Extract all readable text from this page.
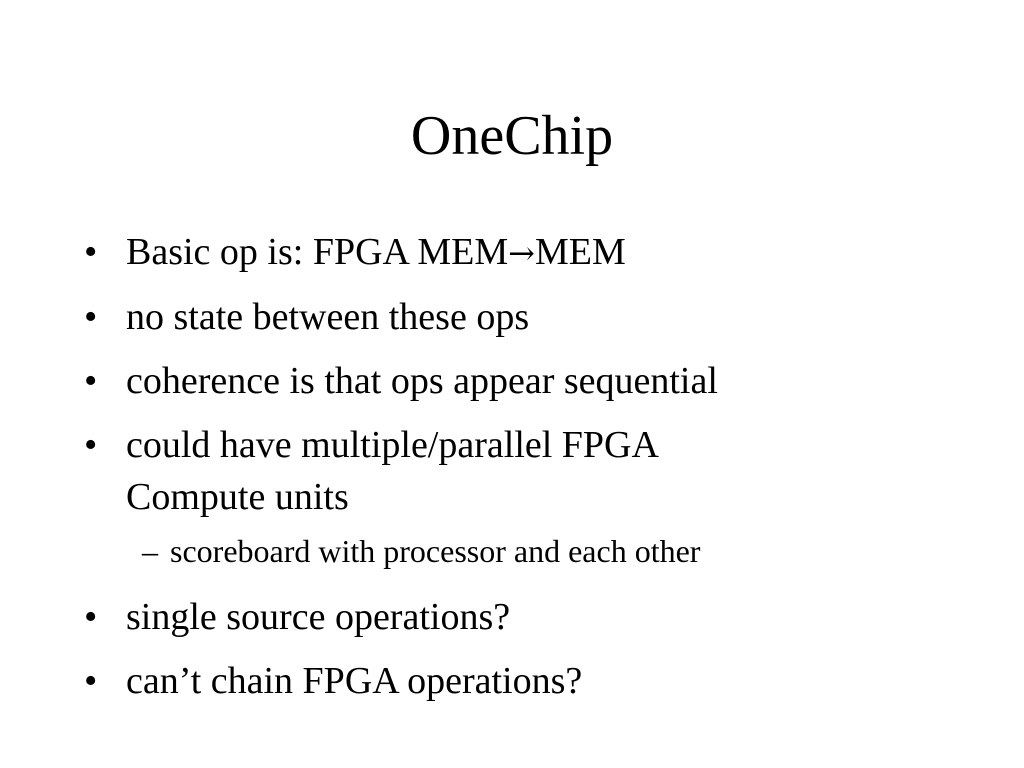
OneChip
• Basic op is: FPGA MEM→MEM
• no state between these ops
• coherence is that ops appear sequential
• could have multiple/parallel FPGA
Compute units
– scoreboard with processor and each other
• single source operations?
• can’t chain FPGA operations?
